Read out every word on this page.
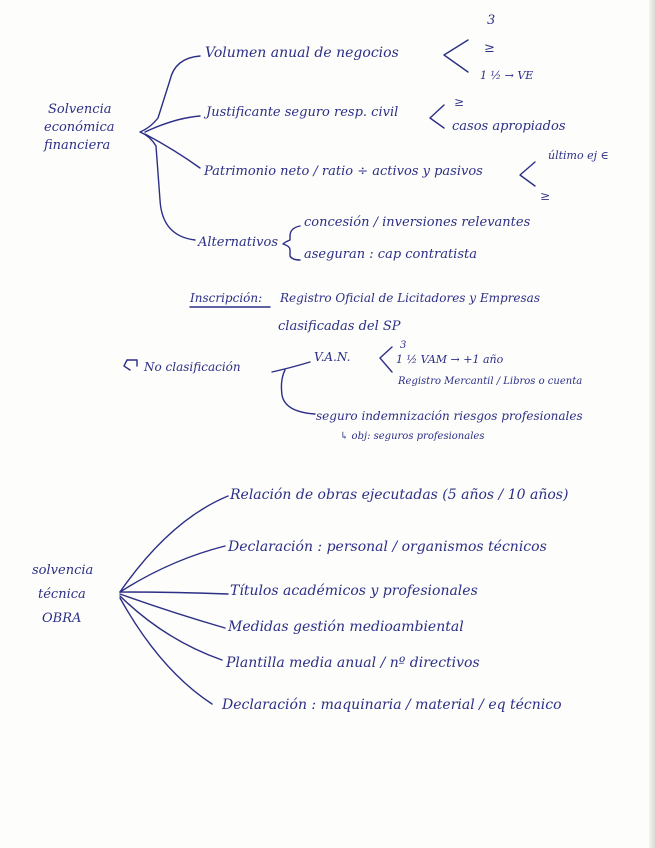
Solvencia
económica
financiera
Volumen anual de negocios
3
≥
1 ½ → VE
Justificante seguro resp. civil
≥
casos apropiados
Patrimonio neto / ratio ÷ activos y pasivos
último ej ∈
≥
Alternativos
concesión / inversiones relevantes
aseguran : cap contratista
Inscripción: Registro Oficial de Licitadores y Empresas
clasificadas del SP
No clasificación
V.A.N.
3
1 ½ VAM → +1 año
Registro Mercantil / Libros o cuenta
seguro indemnización riesgos profesionales
↳ obj: seguros profesionales
solvencia
técnica
OBRA
Relación de obras ejecutadas (5 años / 10 años)
Declaración : personal / organismos técnicos
Títulos académicos y profesionales
Medidas gestión medioambiental
Plantilla media anual / nº directivos
Declaración : maquinaria / material / eq técnico
